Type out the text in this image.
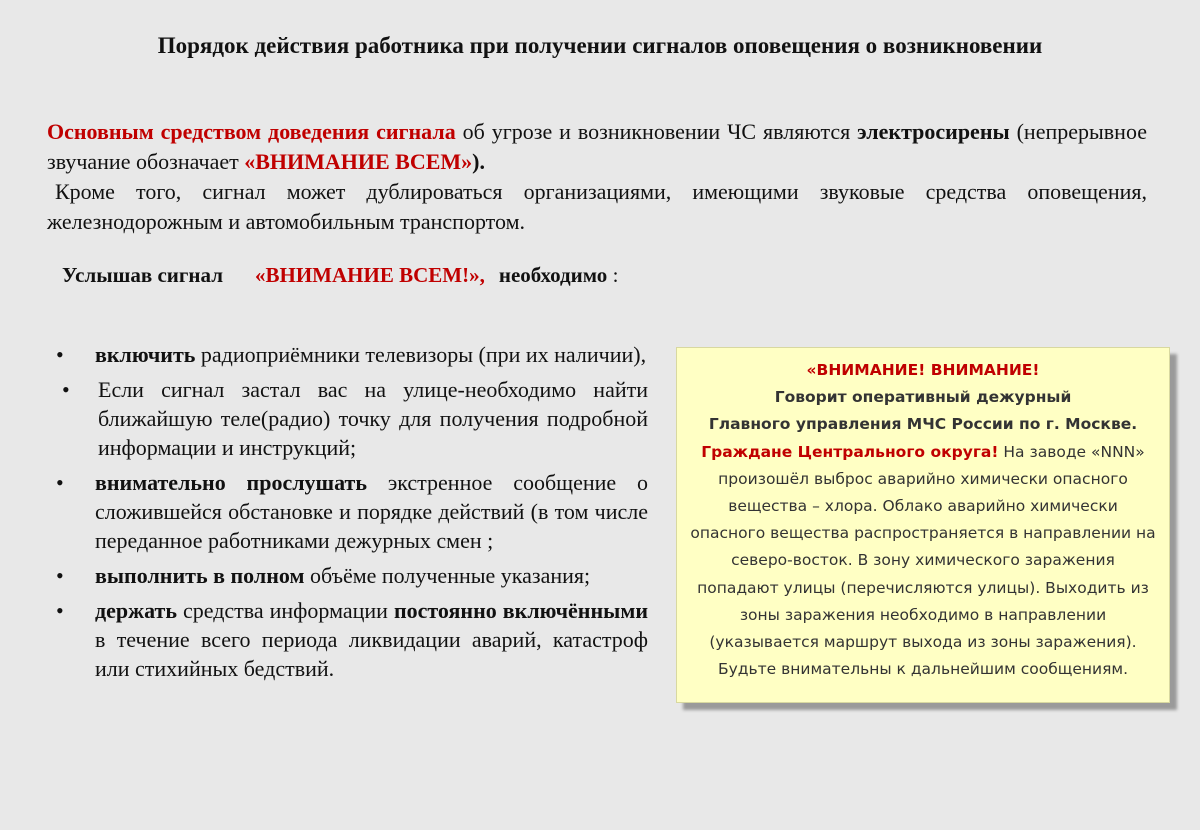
Порядок действия работника при получении сигналов оповещения о возникновении
Основным средством доведения сигнала об угрозе и возникновении ЧС являются электросирены (непрерывное звучание обозначает «ВНИМАНИЕ ВСЕМ»).
Кроме того, сигнал может дублироваться организациями, имеющими звуковые средства оповещения, железнодорожным и автомобильным транспортом.
Услышав сигнал «ВНИМАНИЕ ВСЕМ!», необходимо :
• включить радиоприёмники телевизоры (при их наличии),
• Если сигнал застал вас на улице-необходимо найти ближайшую теле(радио) точку для получения подробной информации и инструкций;
• внимательно прослушать экстренное сообщение о сложившейся обстановке и порядке действий (в том числе переданное работниками дежурных смен ;
• выполнить в полном объёме полученные указания;
• держать средства информации постоянно включёнными в течение всего периода ликвидации аварий, катастроф или стихийных бедствий.
«ВНИМАНИЕ! ВНИМАНИЕ!
Говорит оперативный дежурный
Главного управления МЧС России по г. Москве.
Граждане Центрального округа! На заводе «NNN» произошёл выброс аварийно химически опасного вещества – хлора. Облако аварийно химически опасного вещества распространяется в направлении на северо-восток. В зону химического заражения попадают улицы (перечисляются улицы). Выходить из зоны заражения необходимо в направлении (указывается маршрут выхода из зоны заражения). Будьте внимательны к дальнейшим сообщениям.
